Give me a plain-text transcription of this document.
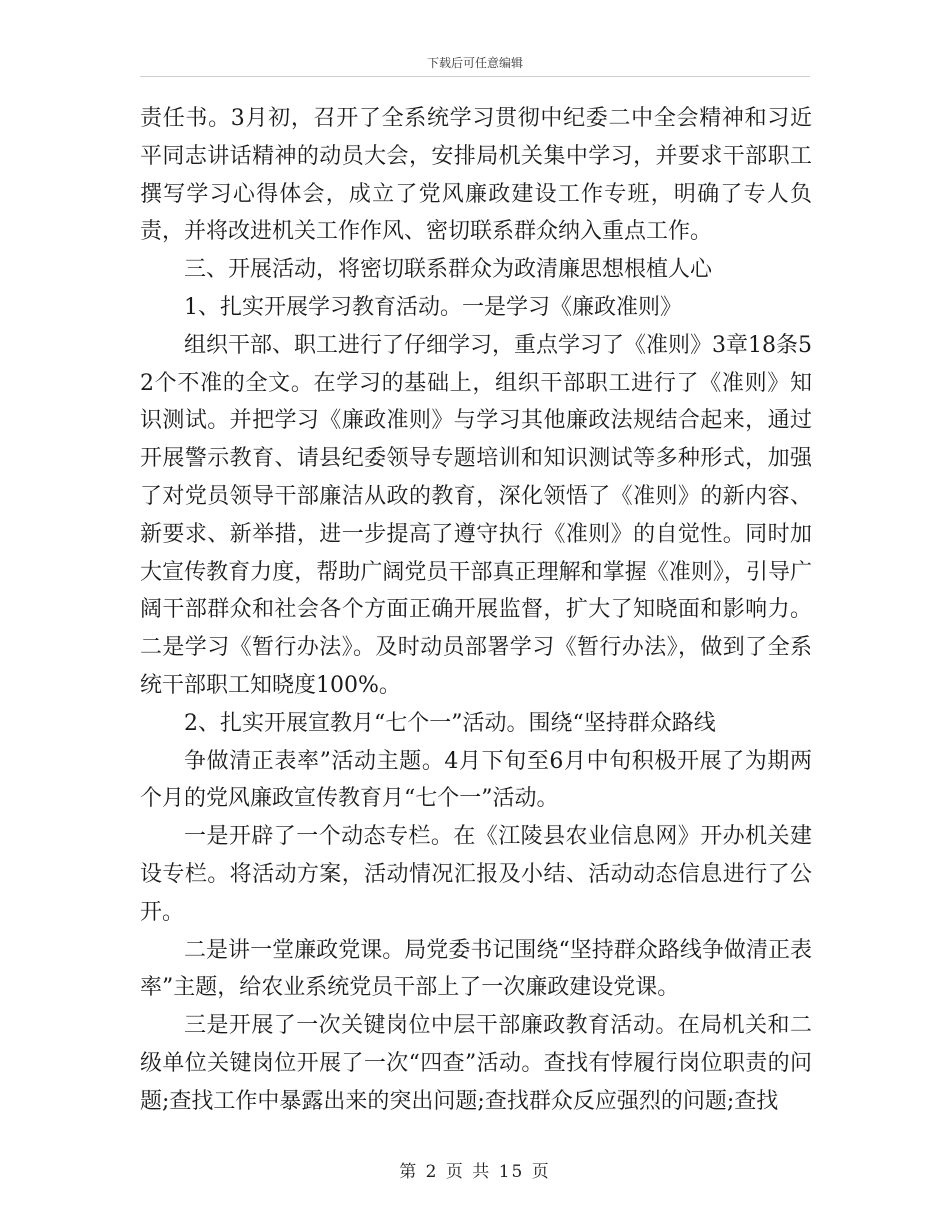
下载后可任意编辑

责任书。3月初，召开了全系统学习贯彻中纪委二中全会精神和习近平同志讲话精神的动员大会，安排局机关集中学习，并要求干部职工撰写学习心得体会，成立了党风廉政建设工作专班，明确了专人负责，并将改进机关工作作风、密切联系群众纳入重点工作。

三、开展活动，将密切联系群众为政清廉思想根植人心

1、扎实开展学习教育活动。一是学习《廉政准则》

组织干部、职工进行了仔细学习，重点学习了《准则》3章18条52个不准的全文。在学习的基础上，组织干部职工进行了《准则》知识测试。并把学习《廉政准则》与学习其他廉政法规结合起来，通过开展警示教育、请县纪委领导专题培训和知识测试等多种形式，加强了对党员领导干部廉洁从政的教育，深化领悟了《准则》的新内容、新要求、新举措，进一步提高了遵守执行《准则》的自觉性。同时加大宣传教育力度，帮助广阔党员干部真正理解和掌握《准则》，引导广阔干部群众和社会各个方面正确开展监督，扩大了知晓面和影响力。二是学习《暂行办法》。及时动员部署学习《暂行办法》，做到了全系统干部职工知晓度100%。

2、扎实开展宣教月“七个一”活动。围绕“坚持群众路线

争做清正表率”活动主题。4月下旬至6月中旬积极开展了为期两个月的党风廉政宣传教育月“七个一”活动。

一是开辟了一个动态专栏。在《江陵县农业信息网》开办机关建设专栏。将活动方案，活动情况汇报及小结、活动动态信息进行了公开。

二是讲一堂廉政党课。局党委书记围绕“坚持群众路线争做清正表率”主题，给农业系统党员干部上了一次廉政建设党课。

三是开展了一次关键岗位中层干部廉政教育活动。在局机关和二级单位关键岗位开展了一次“四查”活动。查找有悖履行岗位职责的问题;查找工作中暴露出来的突出问题;查找群众反应强烈的问题;查找

第 2 页 共 15 页
